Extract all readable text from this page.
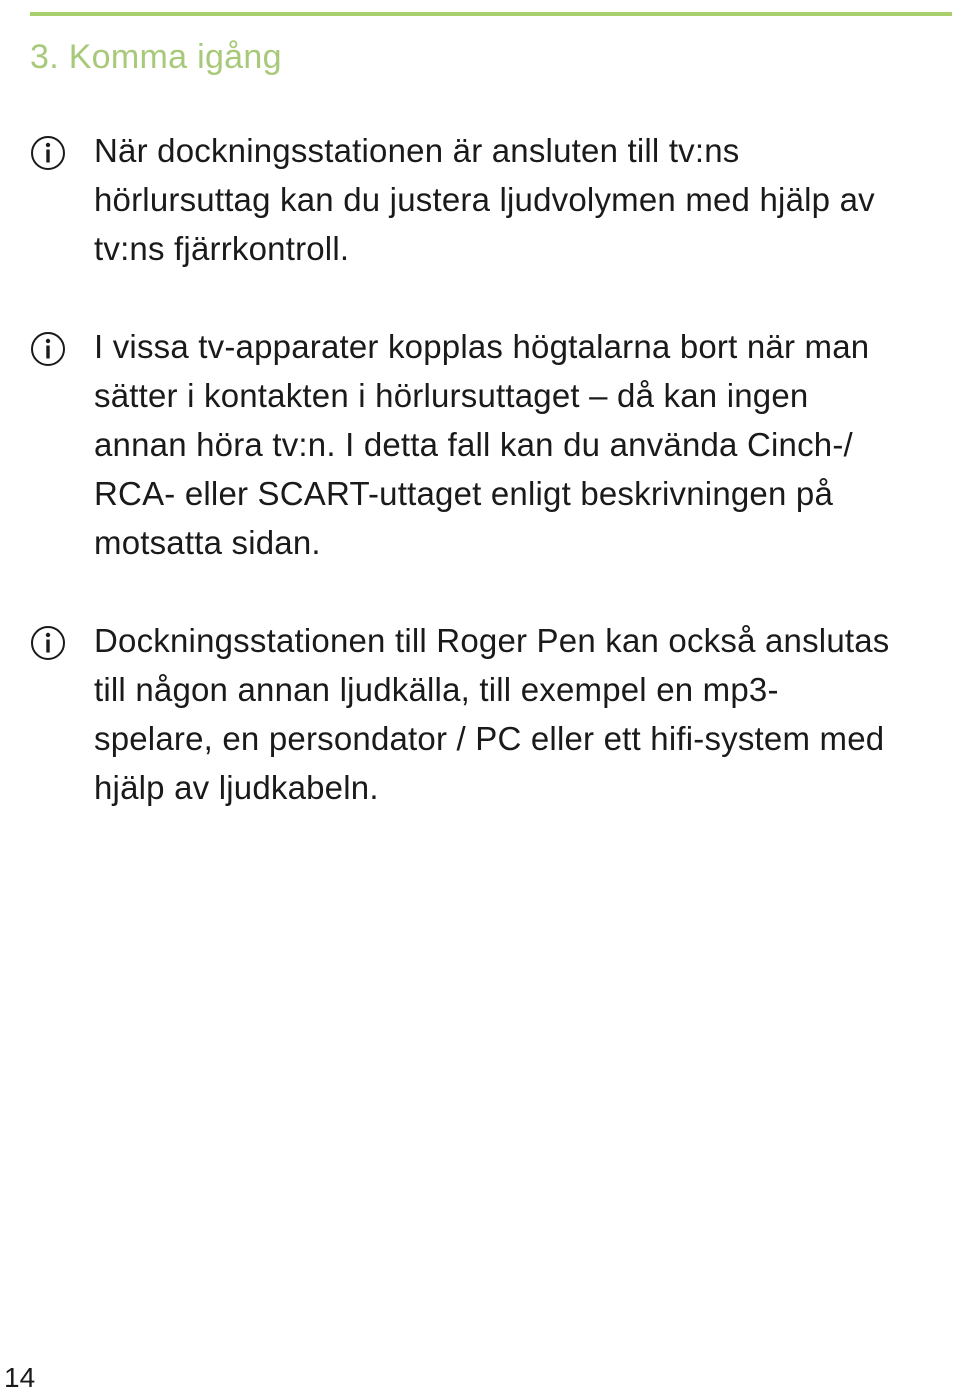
3. Komma igång
När dockningsstationen är ansluten till tv:ns
hörlursuttag kan du justera ljudvolymen med hjälp av
tv:ns fjärrkontroll.
I vissa tv-apparater kopplas högtalarna bort när man
sätter i kontakten i hörlursuttaget – då kan ingen
annan höra tv:n. I detta fall kan du använda Cinch-/
RCA- eller SCART-uttaget enligt beskrivningen på
motsatta sidan.
Dockningsstationen till Roger Pen kan också anslutas
till någon annan ljudkälla, till exempel en mp3-
spelare, en persondator / PC eller ett hifi-system med
hjälp av ljudkabeln.
14
